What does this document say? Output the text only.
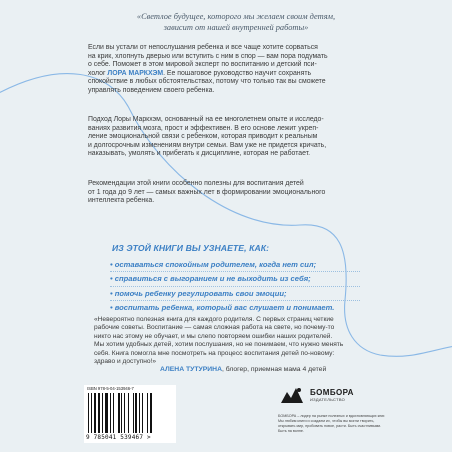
«Светлое будущее, которого мы желаем своим детям,
зависит от нашей внутренней работы»
Если вы устали от непослушания ребенка и все чаще хотите сорваться
на крик, хлопнуть дверью или вступить с ним в спор — вам пора подумать
о себе. Поможет в этом мировой эксперт по воспитанию и детский пси-
холог ЛОРА МАРКХЭМ. Ее пошаговое руководство научит сохранять
спокойствие в любых обстоятельствах, потому что только так вы сможете
управлять поведением своего ребенка.
Подход Лоры Маркхэм, основанный на ее многолетнем опыте и исследо-
ваниях развития мозга, прост и эффективен. В его основе лежит укреп-
ление эмоциональной связи с ребенком, которая приводит к реальным
и долгосрочным изменениям внутри семьи. Вам уже не придется кричать,
наказывать, умолять и прибегать к дисциплине, которая не работает.
Рекомендации этой книги особенно полезны для воспитания детей
от 1 года до 9 лет — самых важных лет в формировании эмоционального
интеллекта ребенка.
ИЗ ЭТОЙ КНИГИ ВЫ УЗНАЕТЕ, КАК:
• оставаться спокойным родителем, когда нет сил;
• справиться с выгоранием и не выходить из себя;
• помочь ребенку регулировать свои эмоции;
• воспитать ребенка, который вас слушает и понимает.
«Невероятно полезная книга для каждого родителя. С первых страниц четкие
рабочие советы. Воспитание — самая сложная работа на свете, но почему-то
никто нас этому не обучает, и мы слепо повторяем ошибки наших родителей.
Мы хотим удобных детей, хотим послушания, но не понимаем, что нужно менять
себя. Книга помогла мне посмотреть на процесс воспитания детей по-новому:
здраво и доступно!»
АЛЕНА ТУТУРИНА, блогер, приемная мама 4 детей
ISBN 978-5-04-153946-7
9 785041 539467 >
БОМБОРА
ИЗДАТЕЛЬСТВО
БОМБОРА – лидер на рынке полезных и вдохновляющих книг.
Мы любим книги и создаем их, чтобы вы могли творить,
открывать мир, пробовать новое, расти. Быть счастливыми.
Быть на волне.
